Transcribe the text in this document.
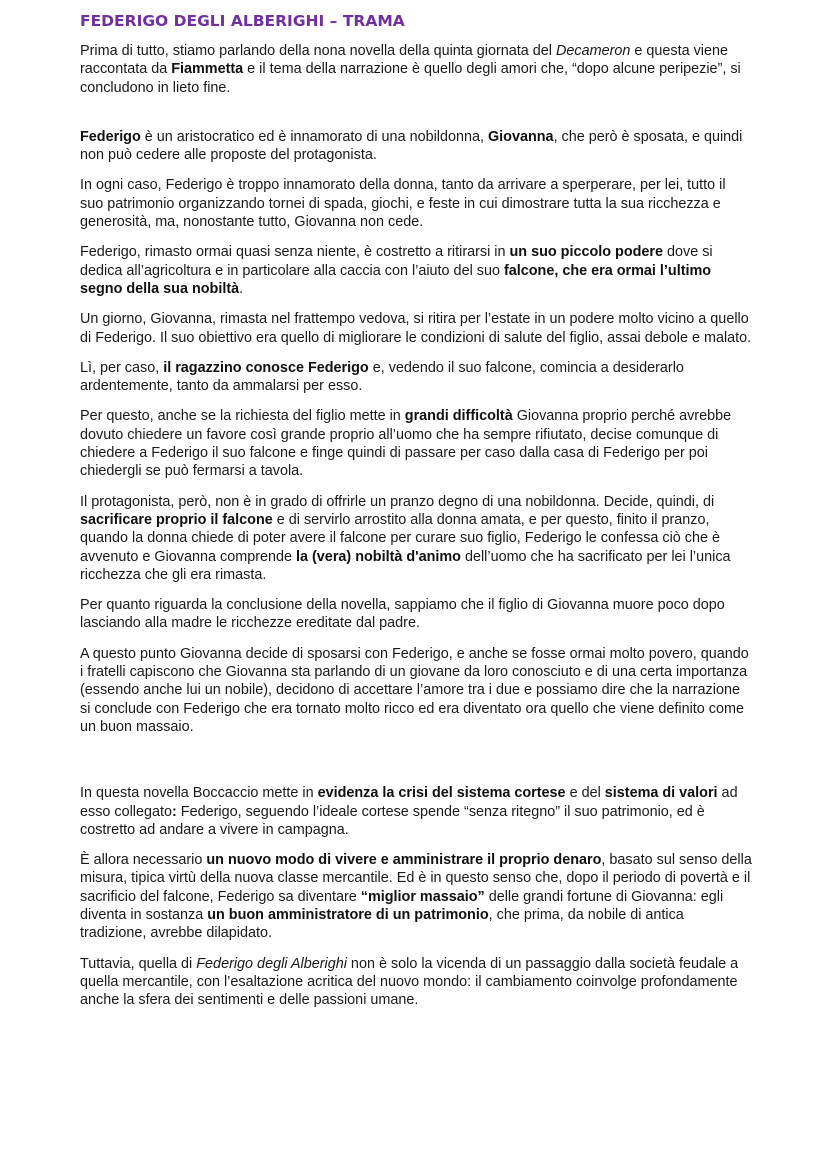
FEDERIGO DEGLI ALBERIGHI – TRAMA

Prima di tutto, stiamo parlando della nona novella della quinta giornata del Decameron e questa viene raccontata da Fiammetta e il tema della narrazione è quello degli amori che, “dopo alcune peripezie”, si concludono in lieto fine.

Federigo è un aristocratico ed è innamorato di una nobildonna, Giovanna, che però è sposata, e quindi non può cedere alle proposte del protagonista.

In ogni caso, Federigo è troppo innamorato della donna, tanto da arrivare a sperperare, per lei, tutto il suo patrimonio organizzando tornei di spada, giochi, e feste in cui dimostrare tutta la sua ricchezza e generosità, ma, nonostante tutto, Giovanna non cede.

Federigo, rimasto ormai quasi senza niente, è costretto a ritirarsi in un suo piccolo podere dove si dedica all’agricoltura e in particolare alla caccia con l’aiuto del suo falcone, che era ormai l’ultimo segno della sua nobiltà.

Un giorno, Giovanna, rimasta nel frattempo vedova, si ritira per l’estate in un podere molto vicino a quello di Federigo. Il suo obiettivo era quello di migliorare le condizioni di salute del figlio, assai debole e malato.

Lì, per caso, il ragazzino conosce Federigo e, vedendo il suo falcone, comincia a desiderarlo ardentemente, tanto da ammalarsi per esso.

Per questo, anche se la richiesta del figlio mette in grandi difficoltà Giovanna proprio perché avrebbe dovuto chiedere un favore così grande proprio all’uomo che ha sempre rifiutato, decise comunque di chiedere a Federigo il suo falcone e finge quindi di passare per caso dalla casa di Federigo per poi chiedergli se può fermarsi a tavola.

Il protagonista, però, non è in grado di offrirle un pranzo degno di una nobildonna. Decide, quindi, di sacrificare proprio il falcone e di servirlo arrostito alla donna amata, e per questo, finito il pranzo, quando la donna chiede di poter avere il falcone per curare suo figlio, Federigo le confessa ciò che è avvenuto e Giovanna comprende la (vera) nobiltà d'animo dell’uomo che ha sacrificato per lei l’unica ricchezza che gli era rimasta.

Per quanto riguarda la conclusione della novella, sappiamo che il figlio di Giovanna muore poco dopo lasciando alla madre le ricchezze ereditate dal padre.

A questo punto Giovanna decide di sposarsi con Federigo, e anche se fosse ormai molto povero, quando i fratelli capiscono che Giovanna sta parlando di un giovane da loro conosciuto e di una certa importanza (essendo anche lui un nobile), decidono di accettare l’amore tra i due e possiamo dire che la narrazione si conclude con Federigo che era tornato molto ricco ed era diventato ora quello che viene definito come un buon massaio.

In questa novella Boccaccio mette in evidenza la crisi del sistema cortese e del sistema di valori ad esso collegato: Federigo, seguendo l’ideale cortese spende “senza ritegno” il suo patrimonio, ed è costretto ad andare a vivere in campagna.

È allora necessario un nuovo modo di vivere e amministrare il proprio denaro, basato sul senso della misura, tipica virtù della nuova classe mercantile. Ed è in questo senso che, dopo il periodo di povertà e il sacrificio del falcone, Federigo sa diventare “miglior massaio” delle grandi fortune di Giovanna: egli diventa in sostanza un buon amministratore di un patrimonio, che prima, da nobile di antica tradizione, avrebbe dilapidato.

Tuttavia, quella di Federigo degli Alberighi non è solo la vicenda di un passaggio dalla società feudale a quella mercantile, con l’esaltazione acritica del nuovo mondo: il cambiamento coinvolge profondamente anche la sfera dei sentimenti e delle passioni umane.
